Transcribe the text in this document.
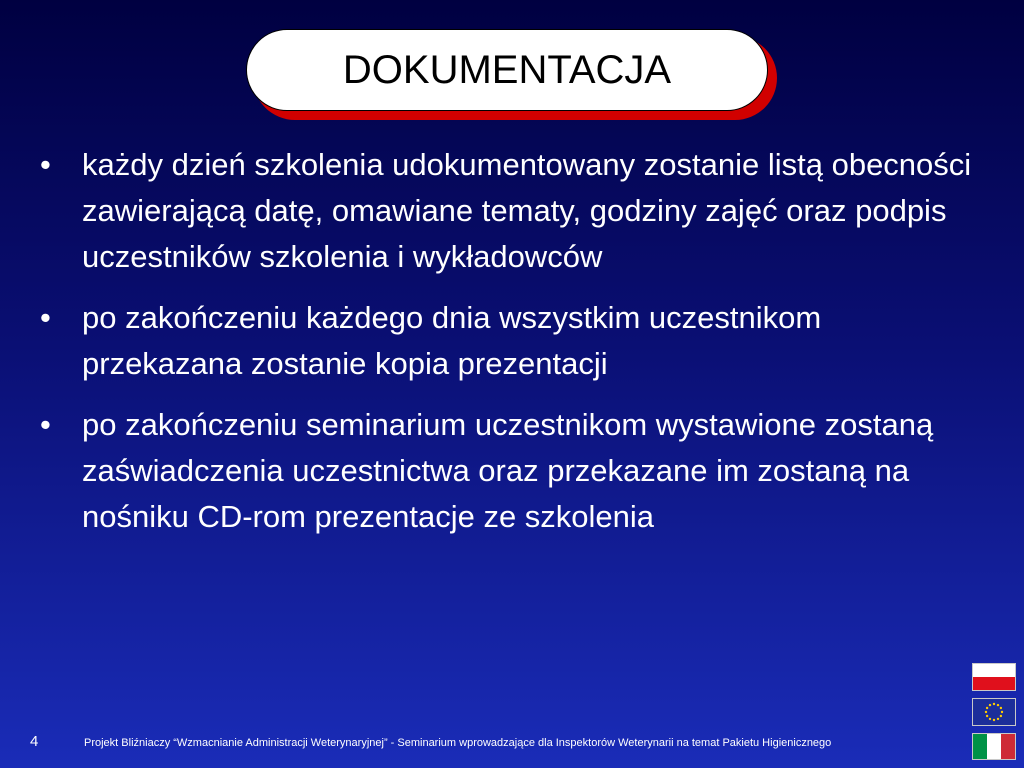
DOKUMENTACJA
• każdy dzień szkolenia udokumentowany zostanie listą obecności zawierającą datę, omawiane tematy, godziny zajęć oraz podpis uczestników szkolenia i wykładowców
• po zakończeniu każdego dnia wszystkim uczestnikom przekazana zostanie kopia prezentacji
• po zakończeniu seminarium uczestnikom wystawione zostaną zaświadczenia uczestnictwa oraz przekazane im zostaną na nośniku CD-rom prezentacje ze szkolenia
4	Projekt Bliźniaczy “Wzmacnianie Administracji Weterynaryjnej” - Seminarium wprowadzające dla Inspektorów Weterynarii na temat Pakietu Higienicznego
